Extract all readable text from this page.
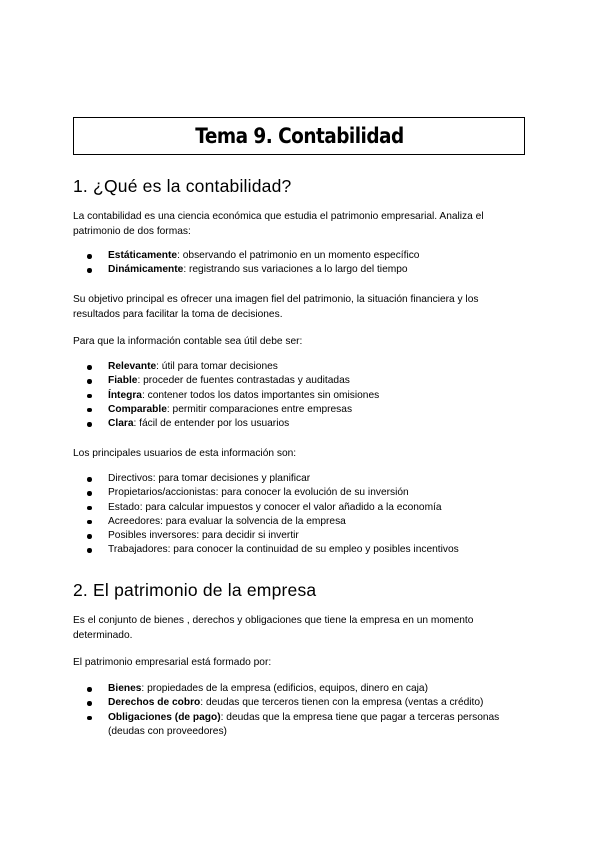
Tema 9. Contabilidad
1. ¿Qué es la contabilidad?

La contabilidad es una ciencia económica que estudia el patrimonio empresarial. Analiza el patrimonio de dos formas:

Estáticamente: observando el patrimonio en un momento específico
Dinámicamente: registrando sus variaciones a lo largo del tiempo

Su objetivo principal es ofrecer una imagen fiel del patrimonio, la situación financiera y los resultados para facilitar la toma de decisiones.

Para que la información contable sea útil debe ser:

Relevante: útil para tomar decisiones
Fiable: proceder de fuentes contrastadas y auditadas
Íntegra: contener todos los datos importantes sin omisiones
Comparable: permitir comparaciones entre empresas
Clara: fácil de entender por los usuarios

Los principales usuarios de esta información son:

Directivos: para tomar decisiones y planificar
Propietarios/accionistas: para conocer la evolución de su inversión
Estado: para calcular impuestos y conocer el valor añadido a la economía
Acreedores: para evaluar la solvencia de la empresa
Posibles inversores: para decidir si invertir
Trabajadores: para conocer la continuidad de su empleo y posibles incentivos
2. El patrimonio de la empresa

Es el conjunto de bienes , derechos y obligaciones que tiene la empresa en un momento determinado.

El patrimonio empresarial está formado por:

Bienes: propiedades de la empresa (edificios, equipos, dinero en caja)
Derechos de cobro: deudas que terceros tienen con la empresa (ventas a crédito)
Obligaciones (de pago): deudas que la empresa tiene que pagar a terceras personas (deudas con proveedores)
